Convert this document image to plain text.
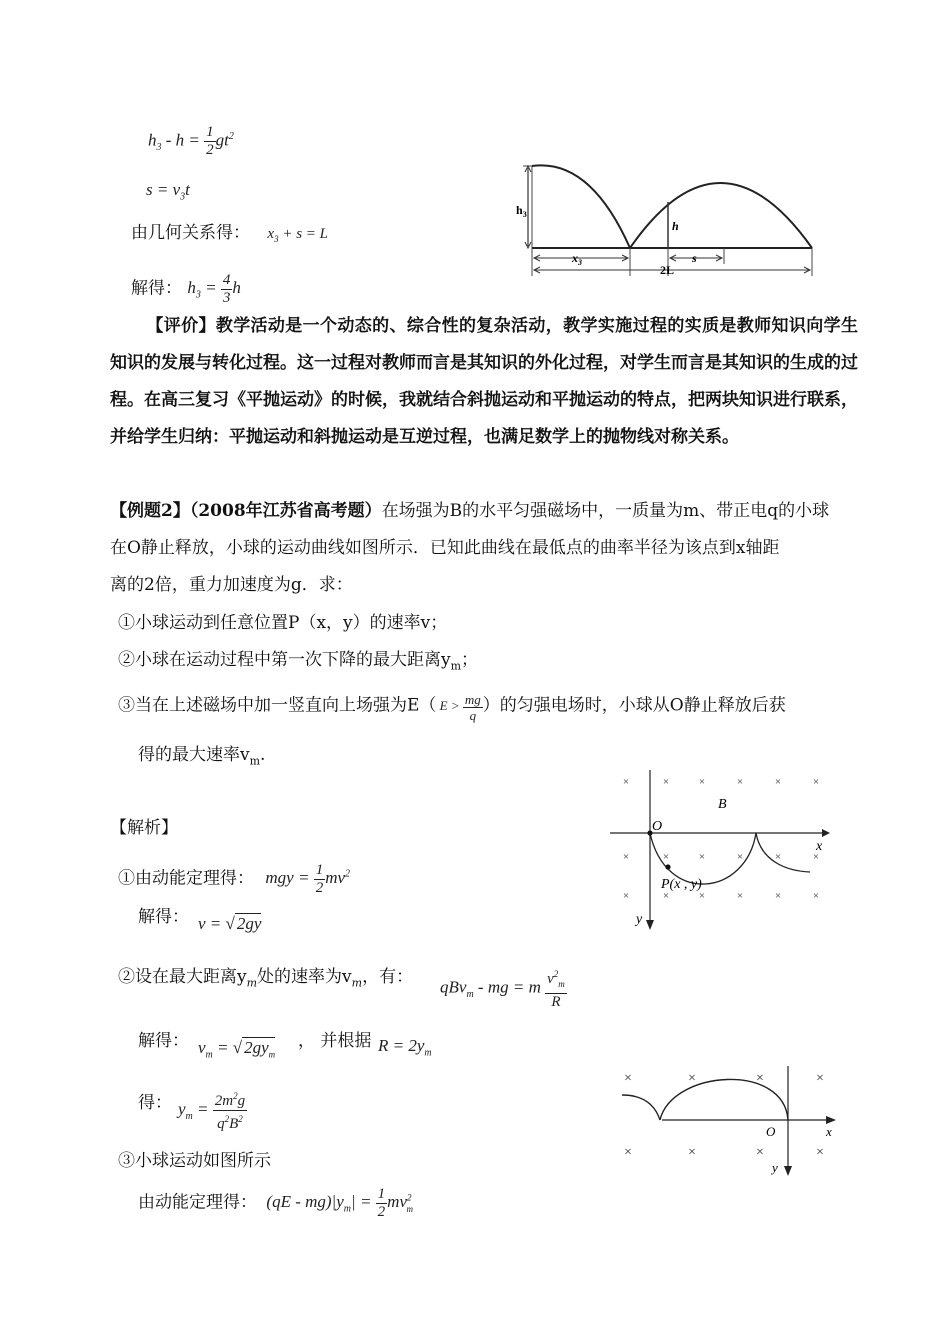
$h_3 - h = \frac{1}{2} gt^2$
$s = v_3t$
由几何关系得： $x_3 + s = L$
解得： $h_3 = \frac{4}{3}$ h
$h_3$
h
$x_3$	s
2L
【评价】教学活动是一个动态的、综合性的复杂活动，教学实施过程的实质是教师知识向学生知识的发展与转化过程。这一过程对教师而言是其知识的外化过程，对学生而言是其知识的生成的过程。在高三复习《平抛运动》的时候，我就结合斜抛运动和平抛运动的特点，把两块知识进行联系，并给学生归纳：平抛运动和斜抛运动是互逆过程，也满足数学上的抛物线对称关系。
【例题2】（2008年江苏省高考题）在场强为B的水平匀强磁场中，一质量为m、带正电q的小球
在O静止释放，小球的运动曲线如图所示．已知此曲线在最低点的曲率半径为该点到x轴距
离的2倍，重力加速度为g．求：
①小球运动到任意位置P（x，y）的速率v；
②小球在运动过程中第一次下降的最大距离$y_m$；
③当在上述磁场中加一竖直向上场强为E（ $E > \frac{mg}{q}$ ）的匀强电场时，小球从O静止释放后获
得的最大速率$v_m$.
×	×	×	×	×	×
×	×	×	×	×	×
×	×	×	×	×	×
B
O
x
y
P(x , y)
【解析】
①由动能定理得： mgy = $\frac{1}{2} mv^2$
解得： v = √ 2gy
②设在最大距离$y_m$处的速率为$v_m$，有： qBv$_m$ - mg = m $\frac{v^2_m}{R}$
解得： $v_m$ = √ $2gy_m$
， 并根据 $R = 2y_m$
得： $y_m = \frac{2m^2g}{q^2B^2}$
③小球运动如图所示
由动能定理得： $(qE - mg)|y_m| = \frac{1}{2} mv^2_m$
×	×	×	×
×	×	×	×
O	x
y
